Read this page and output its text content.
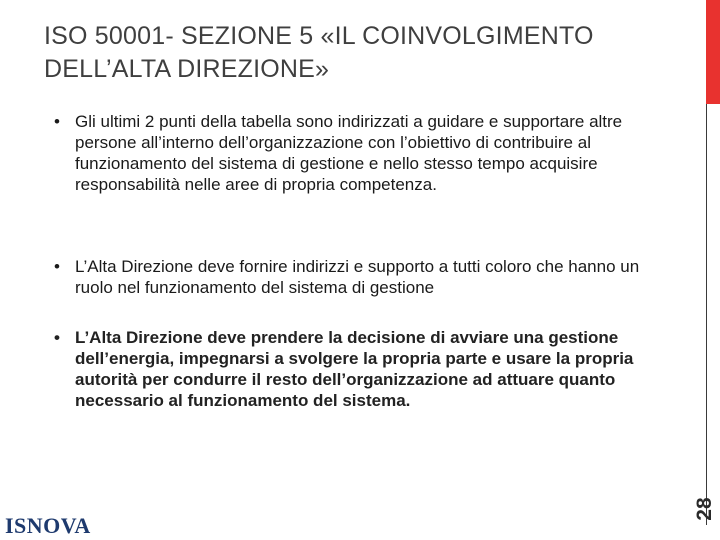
ISO 50001- SEZIONE 5 «IL COINVOLGIMENTO DELL’ALTA DIREZIONE»
• Gli ultimi 2 punti della tabella sono indirizzati a guidare e supportare altre persone all’interno dell’organizzazione con l’obiettivo di contribuire al funzionamento del sistema di gestione e nello stesso tempo acquisire responsabilità nelle aree di propria competenza.
• L’Alta Direzione deve fornire indirizzi e supporto a tutti coloro che hanno un ruolo nel funzionamento del sistema di gestione
• L’Alta Direzione deve prendere la decisione di avviare una gestione dell’energia, impegnarsi a svolgere la propria parte e usare la propria autorità per condurre il resto dell’organizzazione ad attuare quanto necessario al funzionamento del sistema.
28
ISNOVA
